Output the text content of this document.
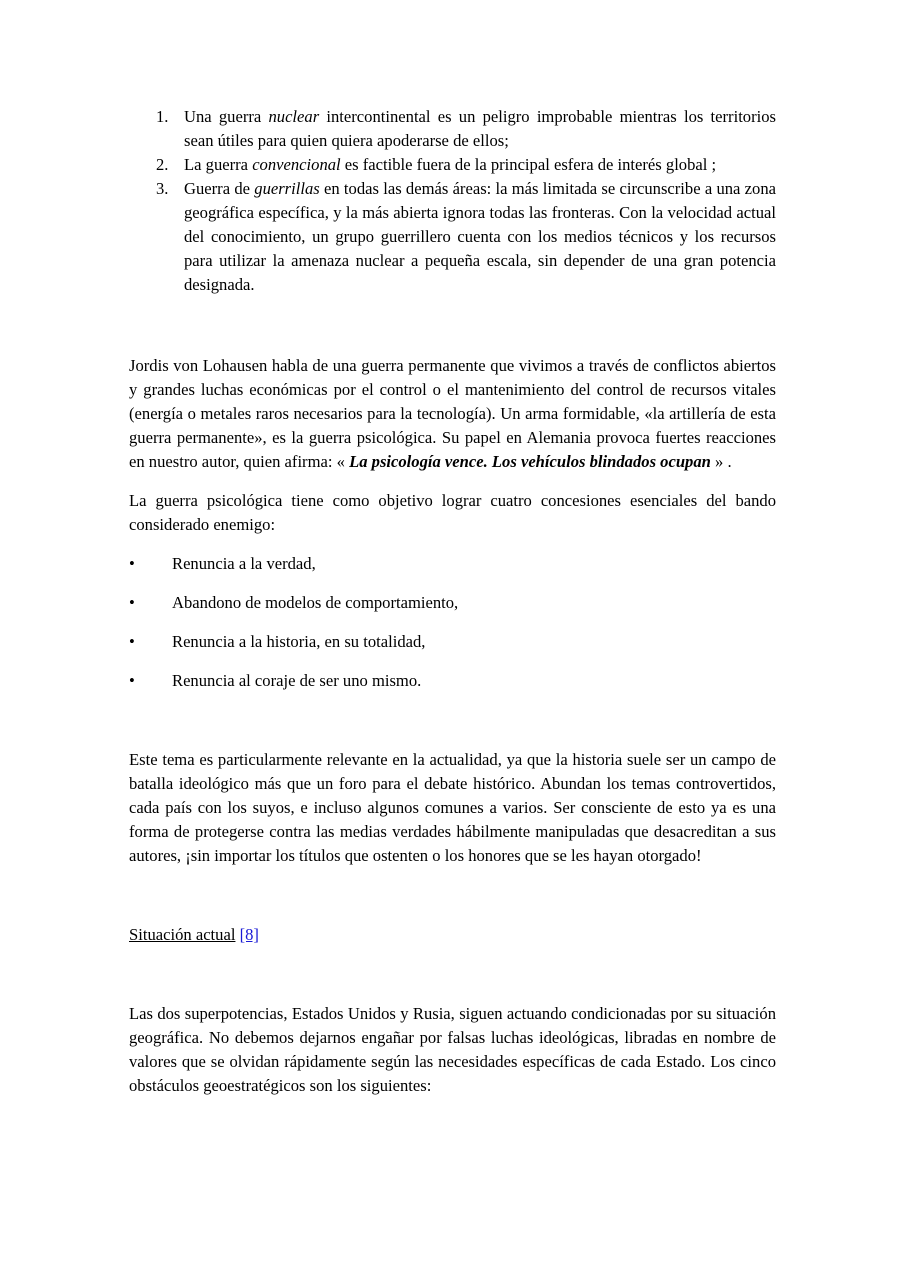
1. Una guerra nuclear intercontinental es un peligro improbable mientras los territorios sean útiles para quien quiera apoderarse de ellos;

2. La guerra convencional es factible fuera de la principal esfera de interés global ;

3. Guerra de guerrillas en todas las demás áreas: la más limitada se circunscribe a una zona geográfica específica, y la más abierta ignora todas las fronteras. Con la velocidad actual del conocimiento, un grupo guerrillero cuenta con los medios técnicos y los recursos para utilizar la amenaza nuclear a pequeña escala, sin depender de una gran potencia designada.

Jordis von Lohausen habla de una guerra permanente que vivimos a través de conflictos abiertos y grandes luchas económicas por el control o el mantenimiento del control de recursos vitales (energía o metales raros necesarios para la tecnología). Un arma formidable, «la artillería de esta guerra permanente», es la guerra psicológica. Su papel en Alemania provoca fuertes reacciones en nuestro autor, quien afirma: « La psicología vence. Los vehículos blindados ocupan » .

La guerra psicológica tiene como objetivo lograr cuatro concesiones esenciales del bando considerado enemigo:

• Renuncia a la verdad,

• Abandono de modelos de comportamiento,

• Renuncia a la historia, en su totalidad,

• Renuncia al coraje de ser uno mismo.

Este tema es particularmente relevante en la actualidad, ya que la historia suele ser un campo de batalla ideológico más que un foro para el debate histórico. Abundan los temas controvertidos, cada país con los suyos, e incluso algunos comunes a varios. Ser consciente de esto ya es una forma de protegerse contra las medias verdades hábilmente manipuladas que desacreditan a sus autores, ¡sin importar los títulos que ostenten o los honores que se les hayan otorgado!

Situación actual [8]

Las dos superpotencias, Estados Unidos y Rusia, siguen actuando condicionadas por su situación geográfica. No debemos dejarnos engañar por falsas luchas ideológicas, libradas en nombre de valores que se olvidan rápidamente según las necesidades específicas de cada Estado. Los cinco obstáculos geoestratégicos son los siguientes:
